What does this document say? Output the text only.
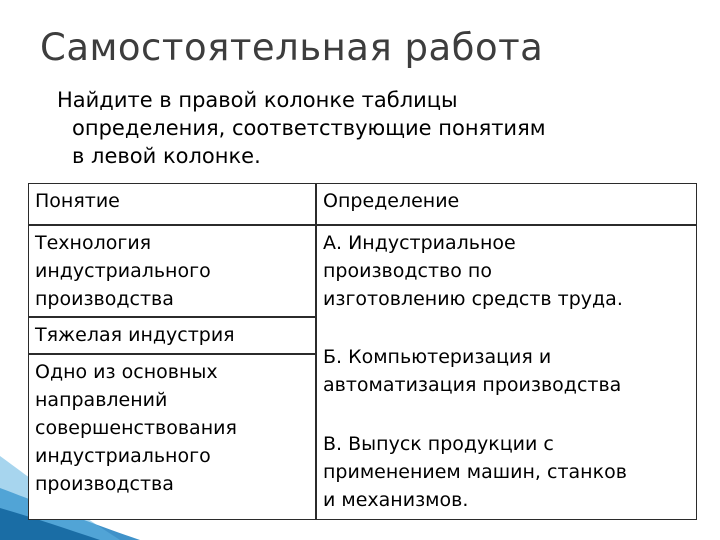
Самостоятельная работа
Найдите в правой колонке таблицы
определения, соответствующие понятиям
в левой колонке.
Понятие	Определение
Технология
индустриального
производства
Тяжелая индустрия
Одно из основных
направлений
совершенствования
индустриального
производства
А. Индустриальное
производство по
изготовлению средств труда.
Б. Компьютеризация и
автоматизация производства
В. Выпуск продукции с
применением машин, станков
и механизмов.
